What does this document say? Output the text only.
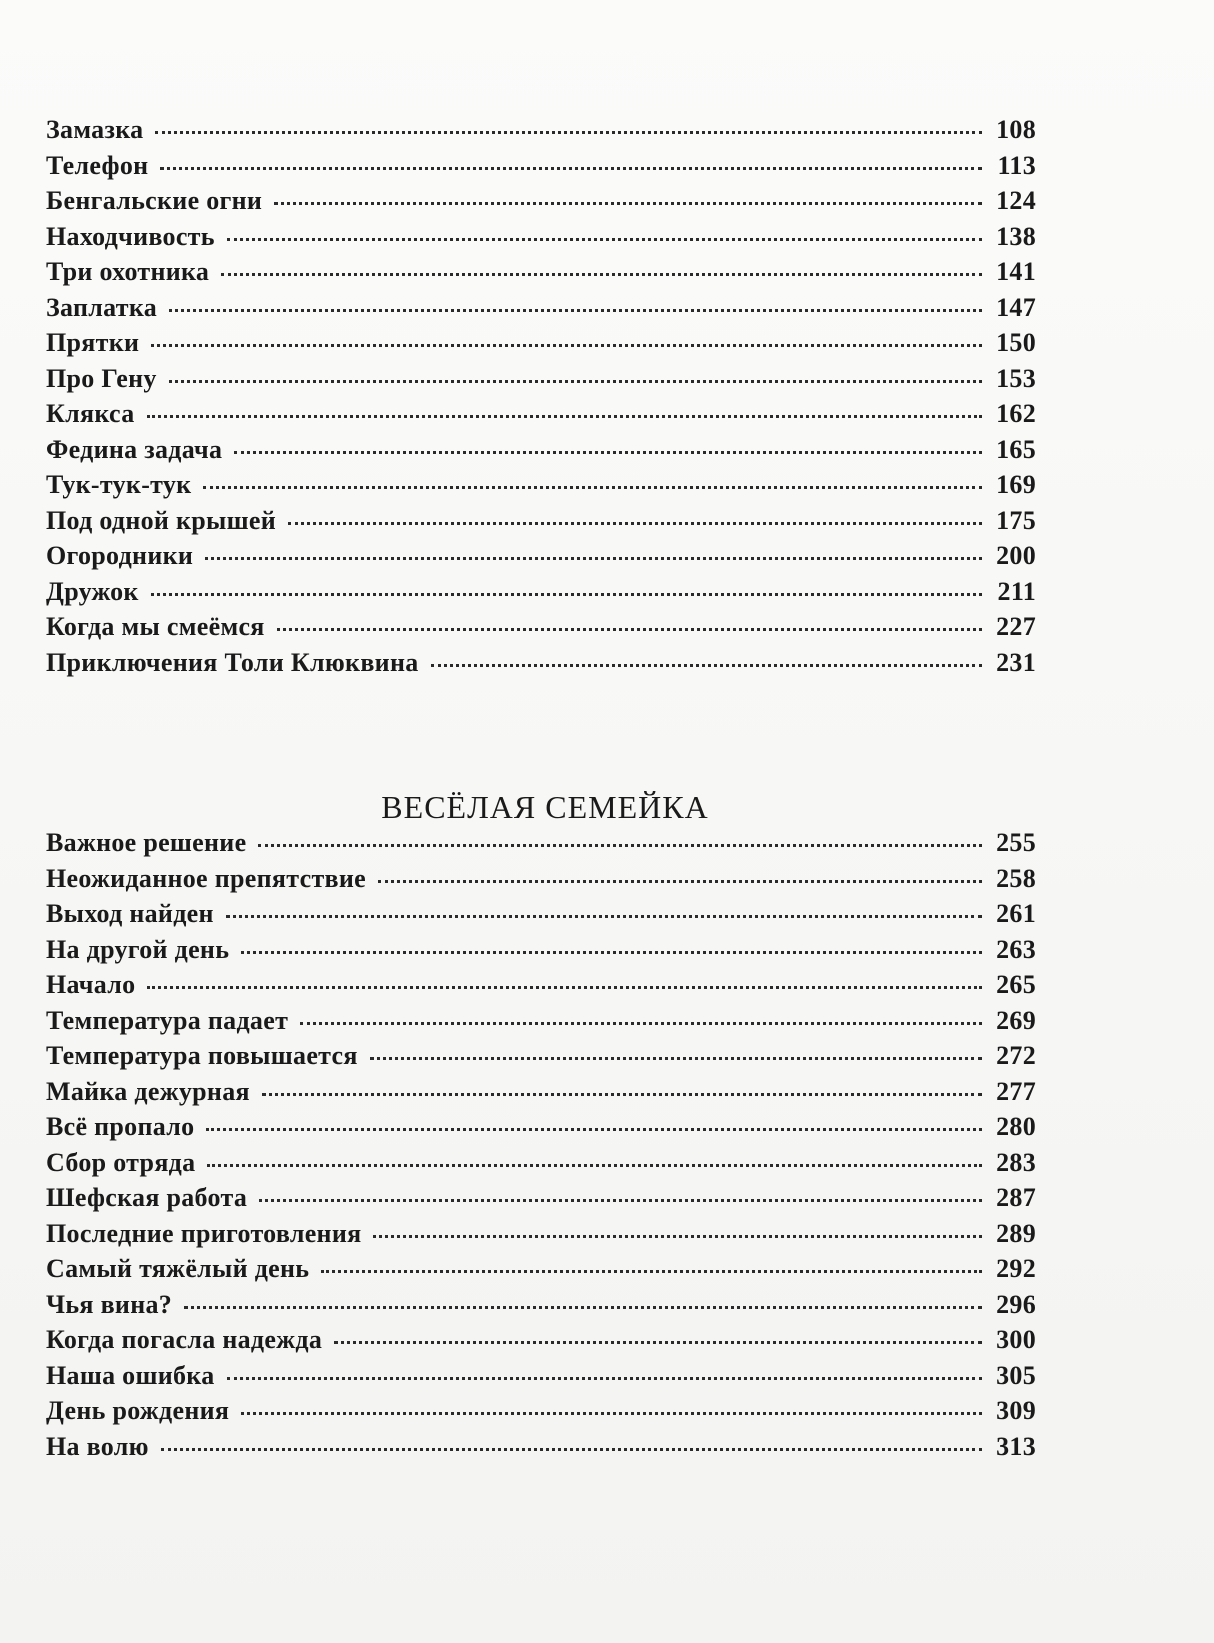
Замазка	108
Телефон	113
Бенгальские огни	124
Находчивость	138
Три охотника	141
Заплатка	147
Прятки	150
Про Гену	153
Клякса	162
Федина задача	165
Тук-тук-тук	169
Под одной крышей	175
Огородники	200
Дружок	211
Когда мы смеёмся	227
Приключения Толи Клюквина	231
ВЕСЁЛАЯ СЕМЕЙКА
Важное решение	255
Неожиданное препятствие	258
Выход найден	261
На другой день	263
Начало	265
Температура падает	269
Температура повышается	272
Майка дежурная	277
Всё пропало	280
Сбор отряда	283
Шефская работа	287
Последние приготовления	289
Самый тяжёлый день	292
Чья вина?	296
Когда погасла надежда	300
Наша ошибка	305
День рождения	309
На волю	313
